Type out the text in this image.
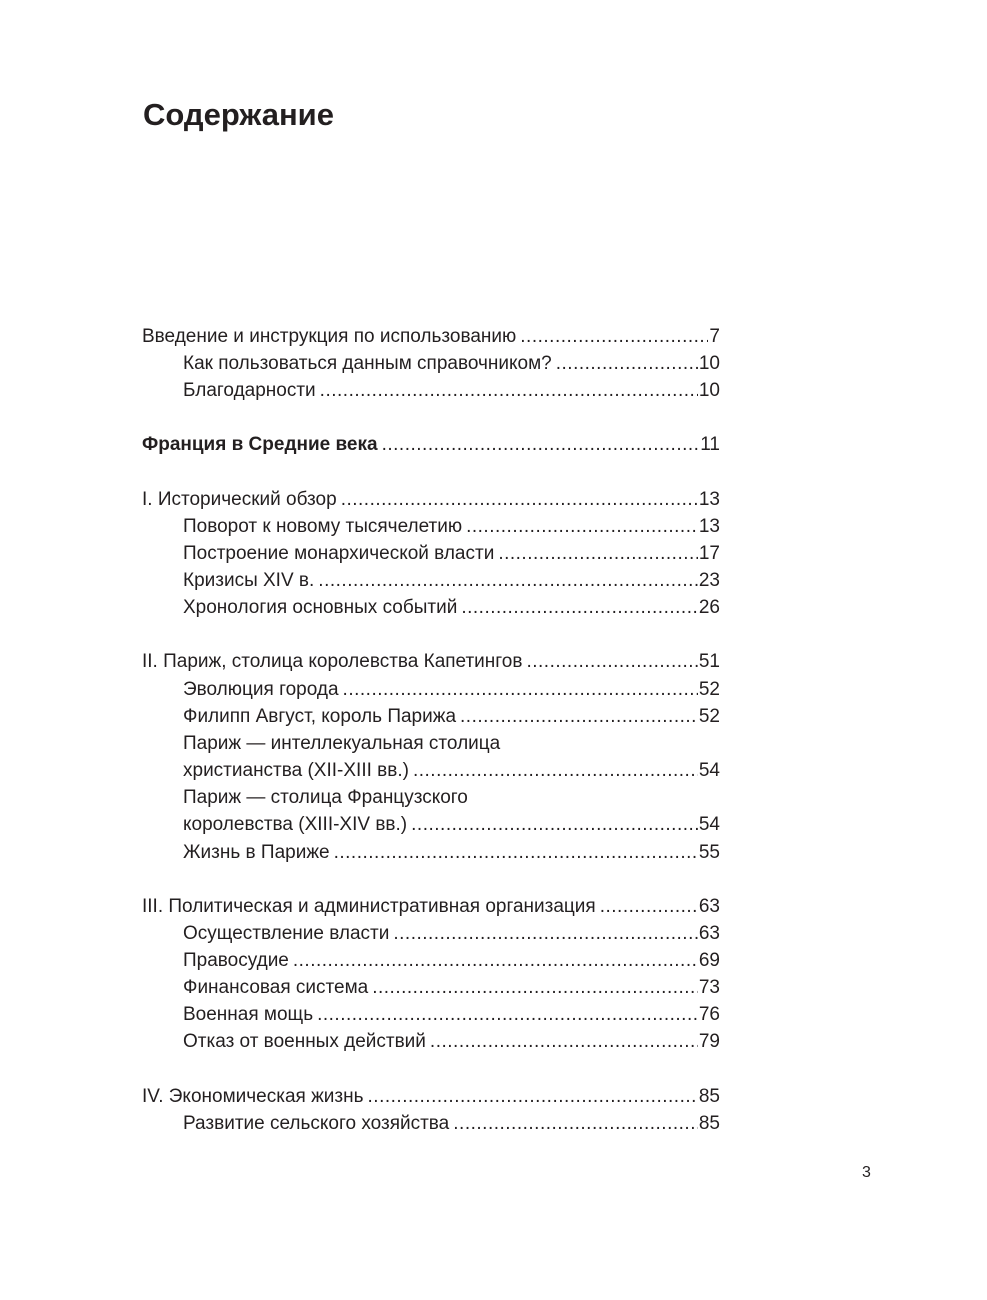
Содержание
Введение и инструкция по использованию .....	7
Как пользоваться данным справочником? .....	10
Благодарности .....	10
Франция в Средние века .....	11
I. Исторический обзор .....	13
Поворот к новому тысячелетию .....	13
Построение монархической власти .....	17
Кризисы XIV в. .....	23
Хронология основных событий .....	26
II. Париж, столица королевства Капетингов .....	51
Эволюция города .....	52
Филипп Август, король Парижа .....	52
Париж — интеллекуальная столица
христианства (XII-XIII вв.) .....	54
Париж — столица Французского
королевства (XIII-XIV вв.) .....	54
Жизнь в Париже .....	55
III. Политическая и административная организация .....	63
Осуществление власти .....	63
Правосудие .....	69
Финансовая система .....	73
Военная мощь .....	76
Отказ от военных действий .....	79
IV. Экономическая жизнь .....	85
Развитие сельского хозяйства .....	85
3
